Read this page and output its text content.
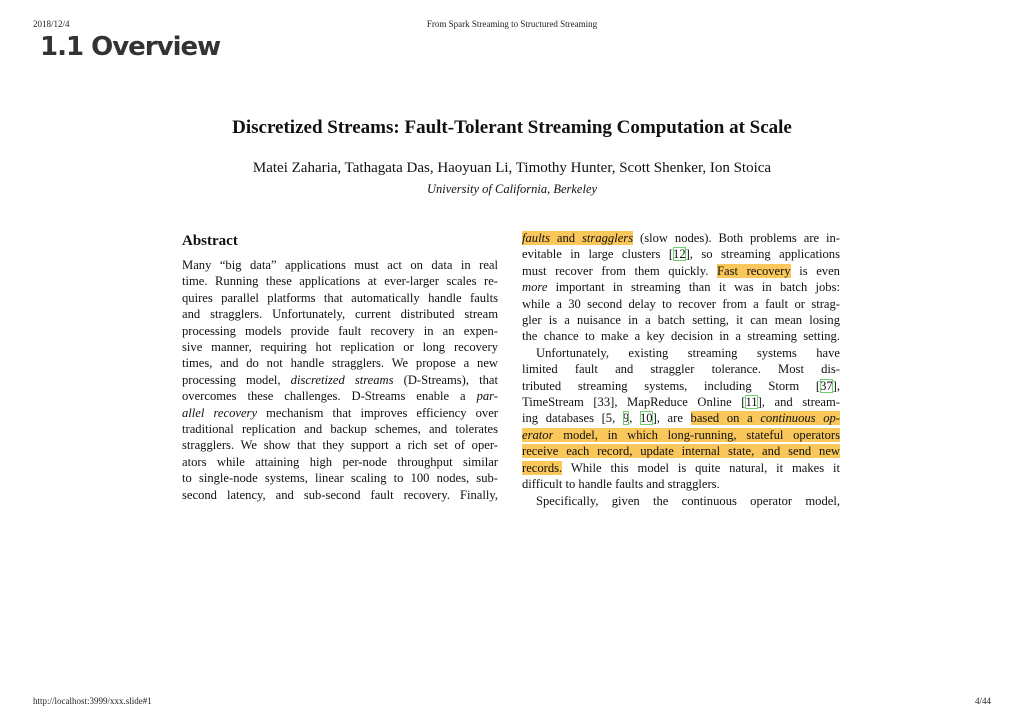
2018/12/4	From Spark Streaming to Structured Streaming
1.1 Overview
Discretized Streams: Fault-Tolerant Streaming Computation at Scale
Matei Zaharia, Tathagata Das, Haoyuan Li, Timothy Hunter, Scott Shenker, Ion Stoica
University of California, Berkeley
Abstract
Many “big data” applications must act on data in real
time. Running these applications at ever-larger scales re-
quires parallel platforms that automatically handle faults
and stragglers. Unfortunately, current distributed stream
processing models provide fault recovery in an expen-
sive manner, requiring hot replication or long recovery
times, and do not handle stragglers. We propose a new
processing model, discretized streams (D-Streams), that
overcomes these challenges. D-Streams enable a par-
allel recovery mechanism that improves efficiency over
traditional replication and backup schemes, and tolerates
stragglers. We show that they support a rich set of oper-
ators while attaining high per-node throughput similar
to single-node systems, linear scaling to 100 nodes, sub-
second latency, and sub-second fault recovery. Finally,
faults and stragglers (slow nodes). Both problems are in-
evitable in large clusters [12], so streaming applications
must recover from them quickly. Fast recovery is even
more important in streaming than it was in batch jobs:
while a 30 second delay to recover from a fault or strag-
gler is a nuisance in a batch setting, it can mean losing
the chance to make a key decision in a streaming setting.
Unfortunately, existing streaming systems have
limited fault and straggler tolerance. Most dis-
tributed streaming systems, including Storm [37],
TimeStream [33], MapReduce Online [11], and stream-
ing databases [5, 9, 10], are based on a continuous op-
erator model, in which long-running, stateful operators
receive each record, update internal state, and send new
records. While this model is quite natural, it makes it
difficult to handle faults and stragglers.
Specifically, given the continuous operator model,
http://localhost:3999/xxx.slide#1	4/44
